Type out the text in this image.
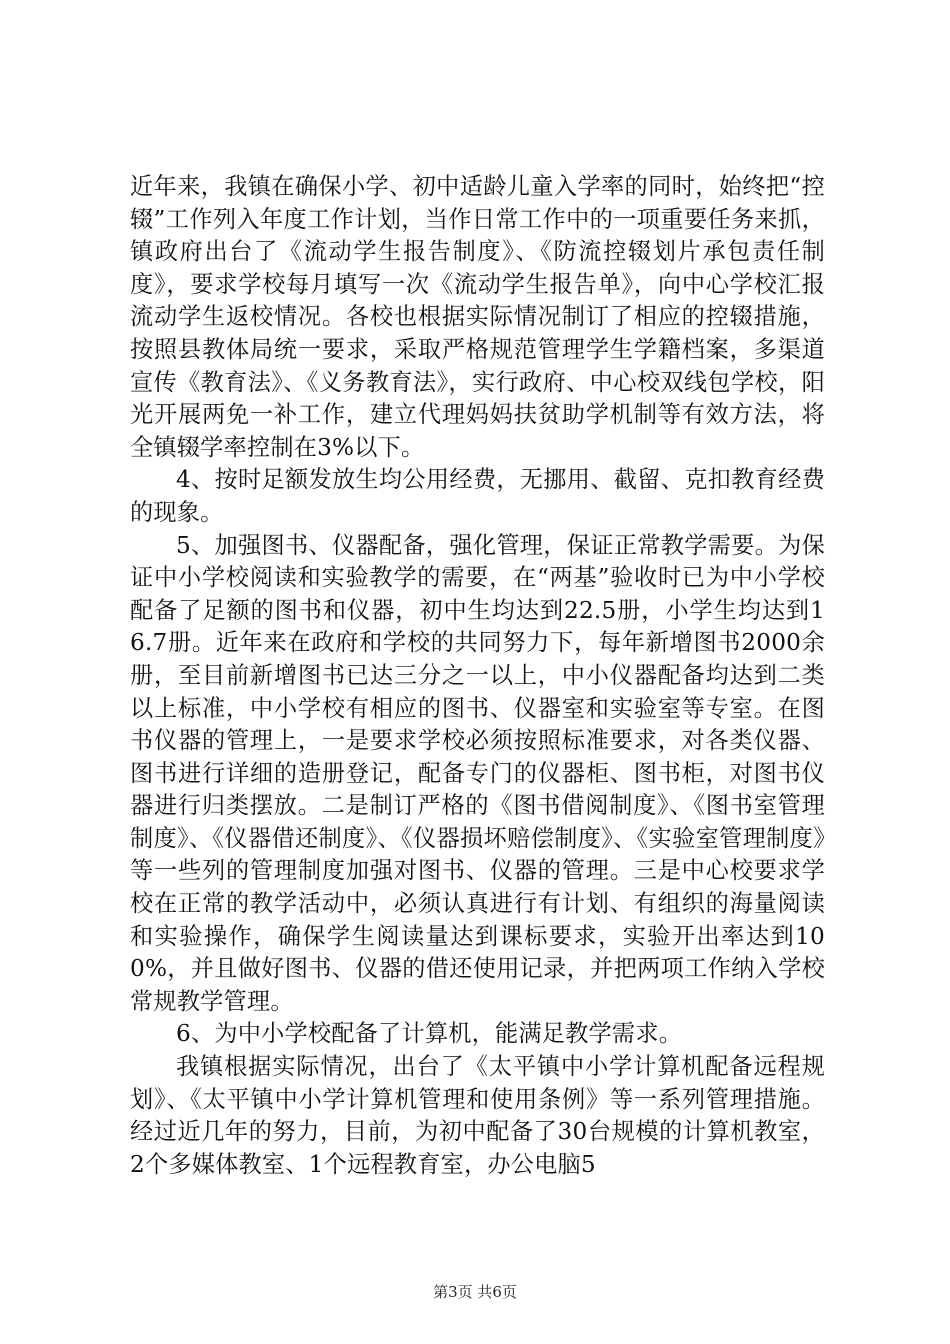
近年来，我镇在确保小学、初中适龄儿童入学率的同时，始终把“控辍”工作列入年度工作计划，当作日常工作中的一项重要任务来抓，镇政府出台了《流动学生报告制度》、《防流控辍划片承包责任制度》，要求学校每月填写一次《流动学生报告单》，向中心学校汇报流动学生返校情况。各校也根据实际情况制订了相应的控辍措施，按照县教体局统一要求，采取严格规范管理学生学籍档案，多渠道宣传《教育法》、《义务教育法》，实行政府、中心校双线包学校，阳光开展两免一补工作，建立代理妈妈扶贫助学机制等有效方法，将全镇辍学率控制在3%以下。

4、按时足额发放生均公用经费，无挪用、截留、克扣教育经费的现象。

5、加强图书、仪器配备，强化管理，保证正常教学需要。为保证中小学校阅读和实验教学的需要，在“两基”验收时已为中小学校配备了足额的图书和仪器，初中生均达到22.5册，小学生均达到16.7册。近年来在政府和学校的共同努力下，每年新增图书2000余册，至目前新增图书已达三分之一以上，中小仪器配备均达到二类以上标准，中小学校有相应的图书、仪器室和实验室等专室。在图书仪器的管理上，一是要求学校必须按照标准要求，对各类仪器、图书进行详细的造册登记，配备专门的仪器柜、图书柜，对图书仪器进行归类摆放。二是制订严格的《图书借阅制度》、《图书室管理制度》、《仪器借还制度》、《仪器损坏赔偿制度》、《实验室管理制度》等一些列的管理制度加强对图书、仪器的管理。三是中心校要求学校在正常的教学活动中，必须认真进行有计划、有组织的海量阅读和实验操作，确保学生阅读量达到课标要求，实验开出率达到100%，并且做好图书、仪器的借还使用记录，并把两项工作纳入学校常规教学管理。

6、为中小学校配备了计算机，能满足教学需求。

我镇根据实际情况，出台了《太平镇中小学计算机配备远程规划》、《太平镇中小学计算机管理和使用条例》等一系列管理措施。经过近几年的努力，目前，为初中配备了30台规模的计算机教室，2个多媒体教室、1个远程教育室，办公电脑5

第3页 共6页
